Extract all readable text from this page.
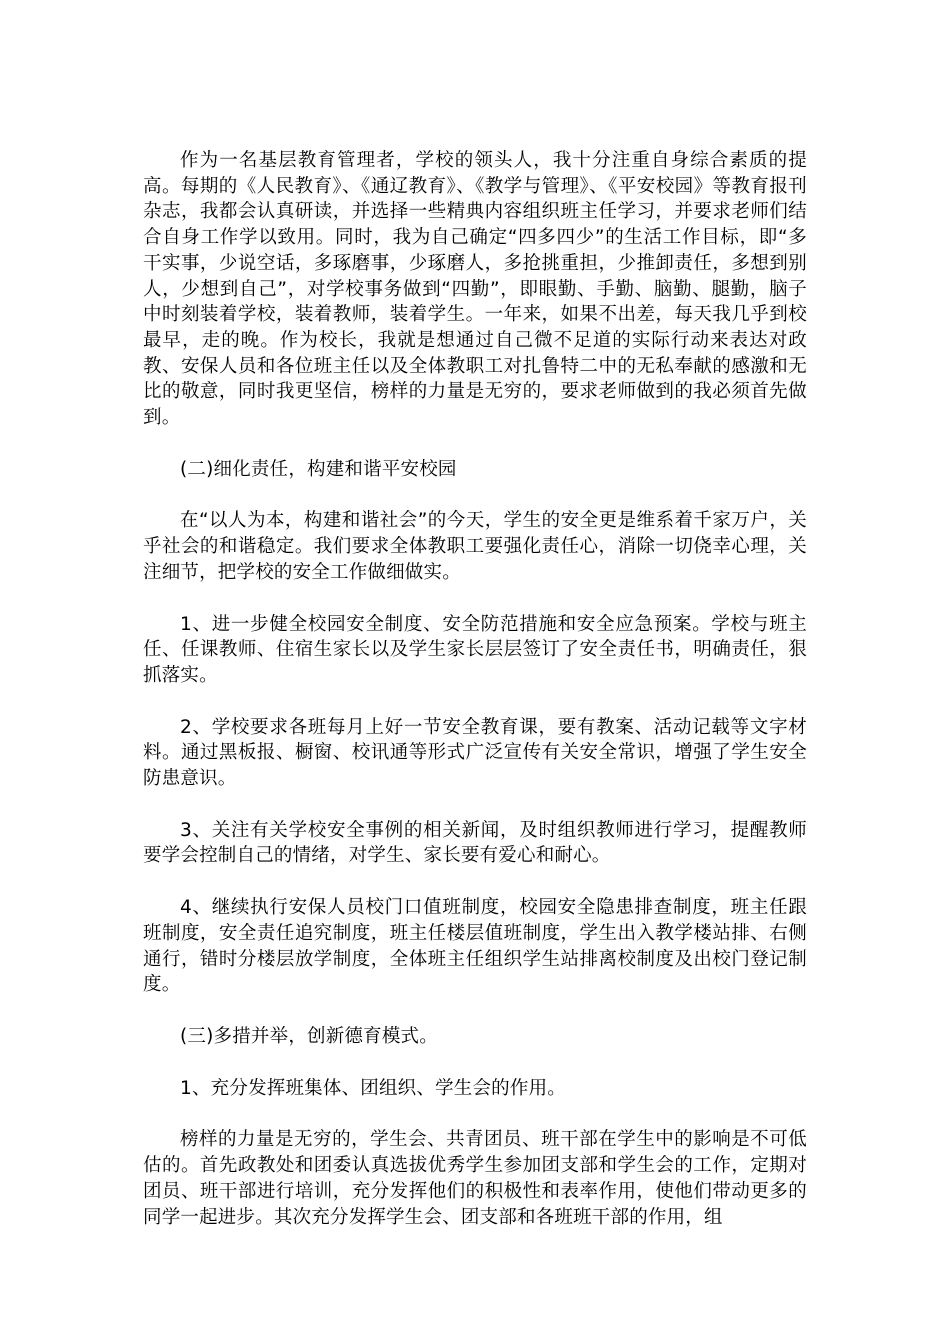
作为一名基层教育管理者，学校的领头人，我十分注重自身综合素质的提高。每期的《人民教育》、《通辽教育》、《教学与管理》、《平安校园》等教育报刊杂志，我都会认真研读，并选择一些精典内容组织班主任学习，并要求老师们结合自身工作学以致用。同时，我为自己确定“四多四少”的生活工作目标，即“多干实事，少说空话，多琢磨事，少琢磨人，多抢挑重担，少推卸责任，多想到别人，少想到自己”，对学校事务做到“四勤”，即眼勤、手勤、脑勤、腿勤，脑子中时刻装着学校，装着教师，装着学生。一年来，如果不出差，每天我几乎到校最早，走的晚。作为校长，我就是想通过自己微不足道的实际行动来表达对政教、安保人员和各位班主任以及全体教职工对扎鲁特二中的无私奉献的感激和无比的敬意，同时我更坚信，榜样的力量是无穷的，要求老师做到的我必须首先做到。

(二)细化责任，构建和谐平安校园

在“以人为本，构建和谐社会”的今天，学生的安全更是维系着千家万户，关乎社会的和谐稳定。我们要求全体教职工要强化责任心，消除一切侥幸心理，关注细节，把学校的安全工作做细做实。

1、进一步健全校园安全制度、安全防范措施和安全应急预案。学校与班主任、任课教师、住宿生家长以及学生家长层层签订了安全责任书，明确责任，狠抓落实。

2、学校要求各班每月上好一节安全教育课，要有教案、活动记载等文字材料。通过黑板报、橱窗、校讯通等形式广泛宣传有关安全常识，增强了学生安全防患意识。

3、关注有关学校安全事例的相关新闻，及时组织教师进行学习，提醒教师要学会控制自己的情绪，对学生、家长要有爱心和耐心。

4、继续执行安保人员校门口值班制度，校园安全隐患排查制度，班主任跟班制度，安全责任追究制度，班主任楼层值班制度，学生出入教学楼站排、右侧通行，错时分楼层放学制度，全体班主任组织学生站排离校制度及出校门登记制度。

(三)多措并举，创新德育模式。

1、充分发挥班集体、团组织、学生会的作用。

榜样的力量是无穷的，学生会、共青团员、班干部在学生中的影响是不可低估的。首先政教处和团委认真选拔优秀学生参加团支部和学生会的工作，定期对团员、班干部进行培训，充分发挥他们的积极性和表率作用，使他们带动更多的同学一起进步。其次充分发挥学生会、团支部和各班班干部的作用，组
